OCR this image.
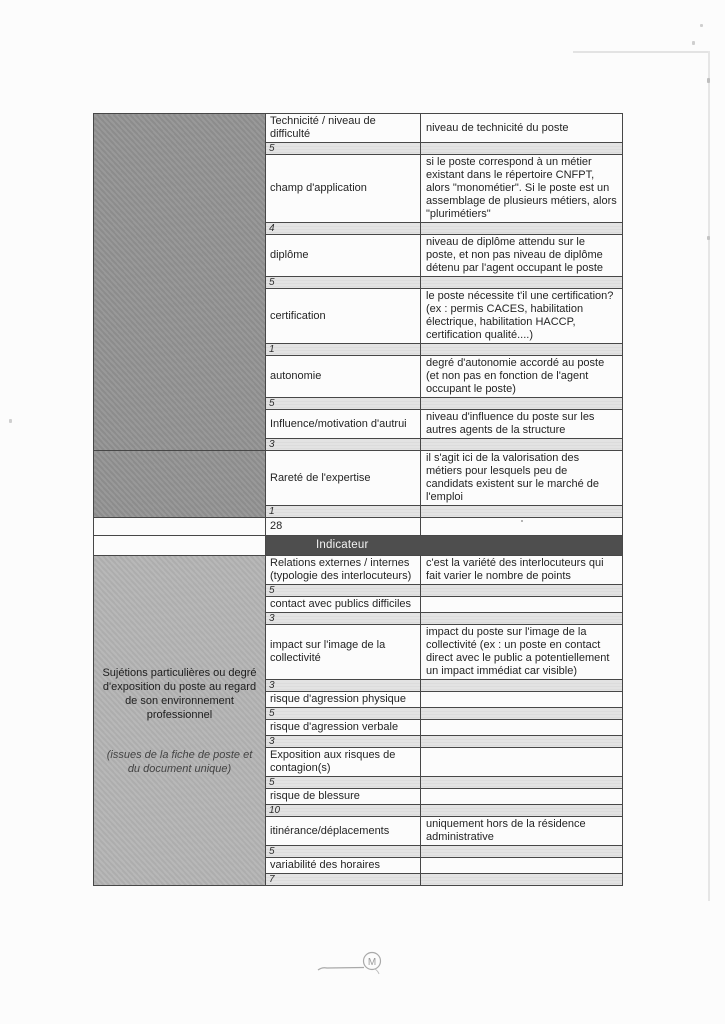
	Technicité / niveau de difficulté	niveau de technicité du poste
	5	
	champ d'application	si le poste correspond à un métier existant dans le répertoire CNFPT, alors "monométier". Si le poste est un assemblage de plusieurs métiers, alors "plurimétiers"
	4	
	diplôme	niveau de diplôme attendu sur le poste, et non pas niveau de diplôme détenu par l'agent occupant le poste
	5	
	certification	le poste nécessite t'il une certification? (ex : permis CACES, habilitation électrique, habilitation HACCP, certification qualité....)
	1	
	autonomie	degré d'autonomie accordé au poste (et non pas en fonction de l'agent occupant le poste)
	5	
	Influence/motivation d'autrui	niveau d'influence du poste sur les autres agents de la structure
	3	
	Rareté de l'expertise	il s'agit ici de la valorisation des métiers pour lesquels peu de candidats existent sur le marché de l'emploi
	1	
	28	
	Indicateur	

Sujétions particulières ou degré d'exposition du poste au regard de son environnement professionnel
(issues de la fiche de poste et du document unique)	Relations externes / internes (typologie des interlocuteurs)	c'est la variété des interlocuteurs qui fait varier le nombre de points
	5	
	contact avec publics difficiles	
	3	
	impact sur l'image de la collectivité	impact du poste sur l'image de la collectivité (ex : un poste en contact direct avec le public a potentiellement un impact immédiat car visible)
	3	
	risque d'agression physique	
	5	
	risque d'agression verbale	
	3	
	Exposition aux risques de contagion(s)	
	5	
	risque de blessure	
	10	
	itinérance/déplacements	uniquement hors de la résidence administrative
	5	
	variabilité des horaires	
	7	
M
